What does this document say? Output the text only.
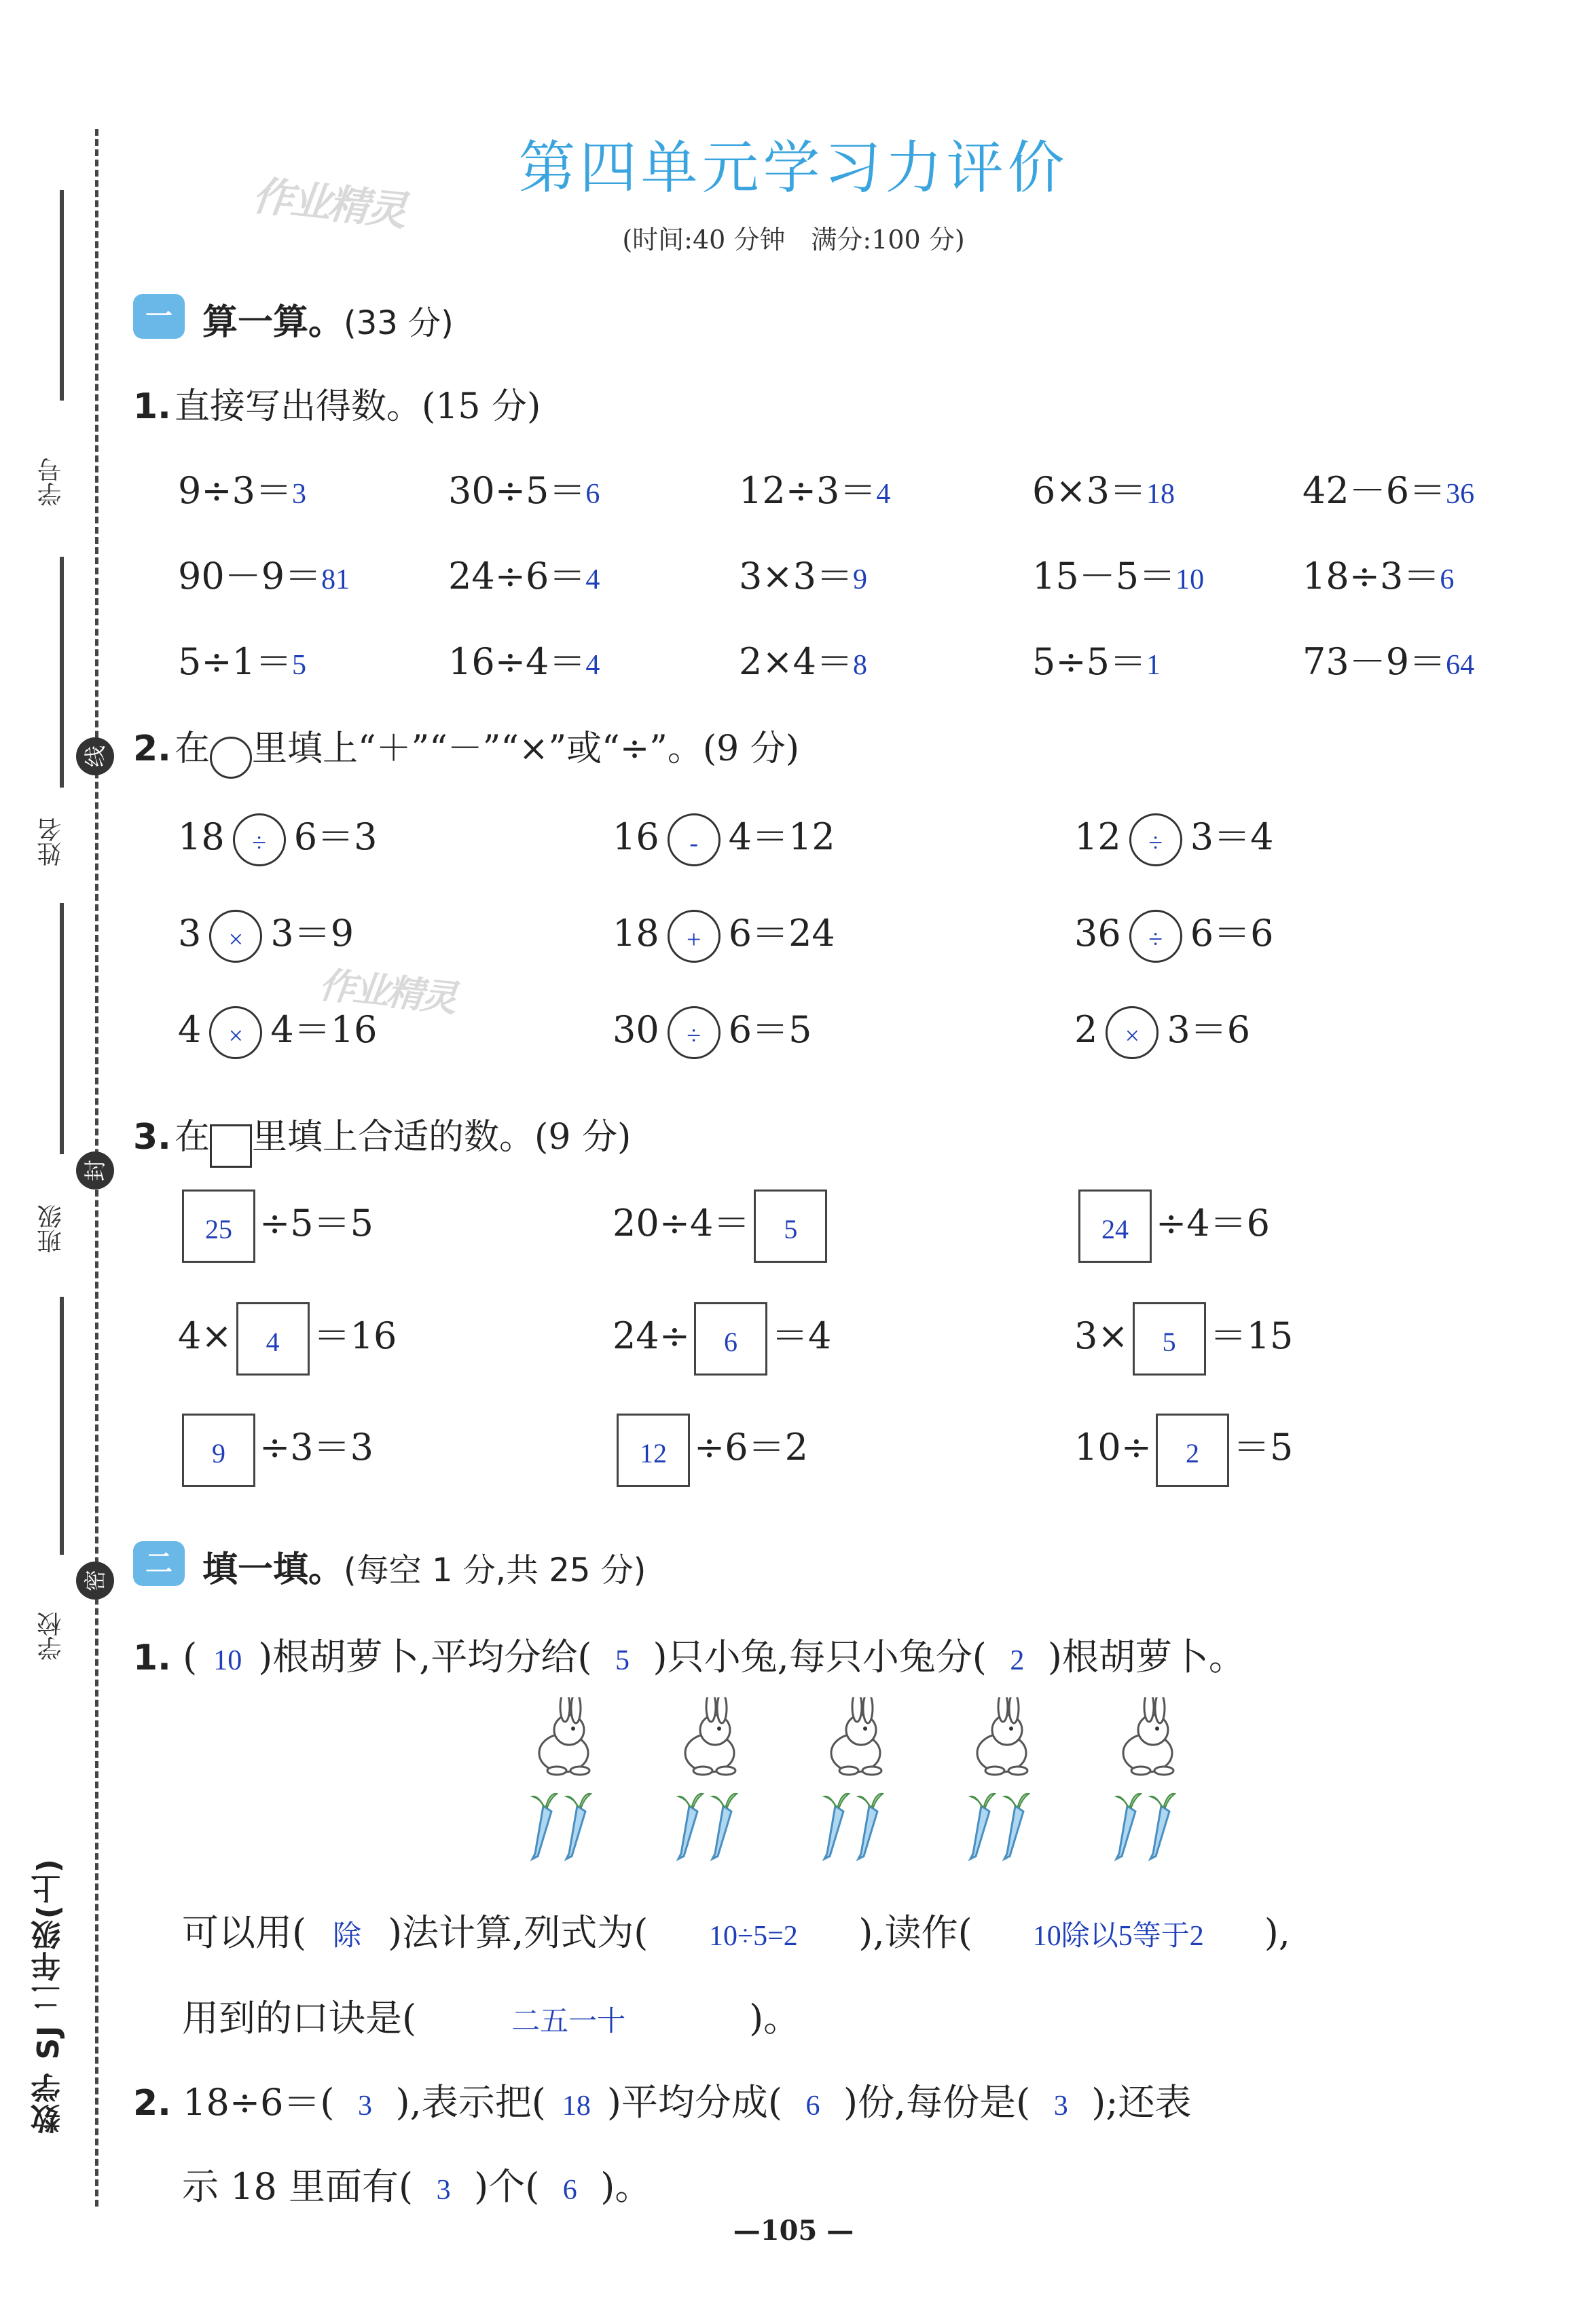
学号
姓名
班级
学校
线
封
密
数学 SJ 二年级(上)
第四单元学习力评价
(时间:40 分钟　满分:100 分)
作业精灵
作业精灵
一 算一算。(33 分)
1. 直接写出得数。(15 分)
9÷3＝3	30÷5＝6	12÷3＝4	6×3＝18	42－6＝36
90－9＝81	24÷6＝4	3×3＝9	15－5＝10	18÷3＝6
5÷1＝5	16÷4＝4	2×4＝8	5÷5＝1	73－9＝64
2. 在 里填上“＋”“－”“×”或“÷”。(9 分)
18 ÷ 6＝3	16 - 4＝12	12 ÷ 3＝4
3 × 3＝9	18 + 6＝24	36 ÷ 6＝6
4 × 4＝16	30 ÷ 6＝5	2 × 3＝6
3. 在 里填上合适的数。(9 分)
25 ÷5＝5	20÷4＝ 5	24 ÷4＝6
4× 4 ＝16	24÷ 6 ＝4	3× 5 ＝15
9 ÷3＝3	12 ÷6＝2	10÷ 2 ＝5
二 填一填。(每空 1 分,共 25 分)
1. ( 10 )根胡萝卜,平均分给( 5 )只小兔,每只小兔分( 2 )根胡萝卜。
可以用( 除 )法计算,列式为( 10÷5=2 ),读作( 10除以5等于2 ),
用到的口诀是(	二五一十	)。
2. 18÷6＝( 3 ),表示把( 18 )平均分成( 6 )份,每份是( 3 );还表
示 18 里面有( 3 )个( 6 )。
—105 —
